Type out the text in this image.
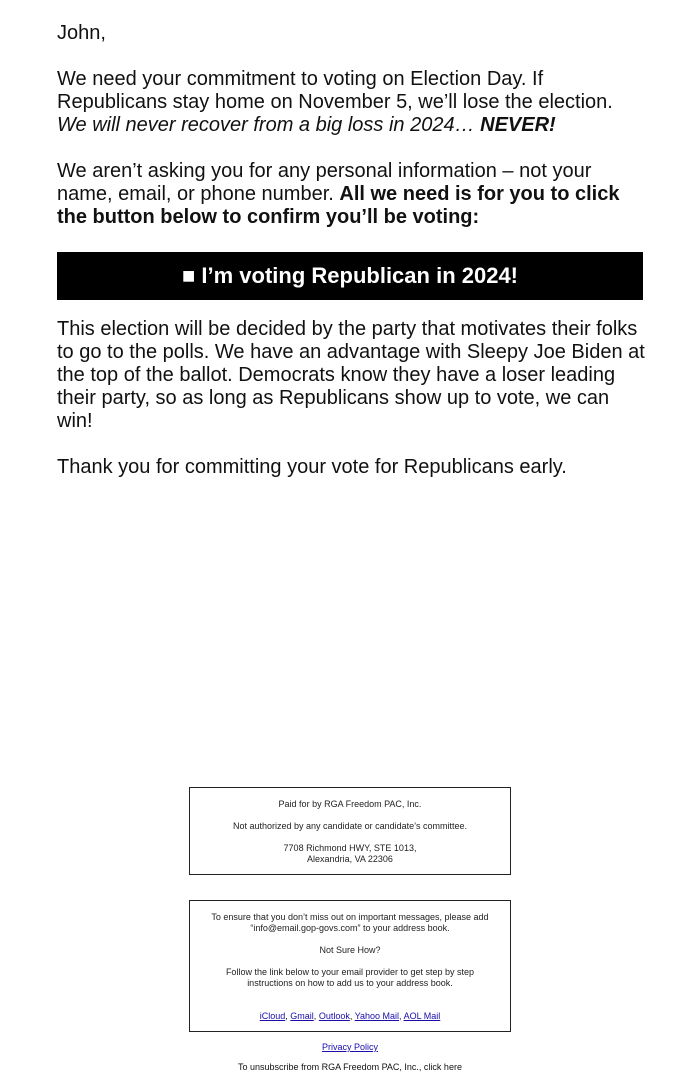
John,

We need your commitment to voting on Election Day. If Republicans stay home on November 5, we’ll lose the election.
We will never recover from a big loss in 2024… NEVER!

We aren’t asking you for any personal information – not your name, email, or phone number. All we need is for you to click the button below to confirm you’ll be voting:

■ I’m voting Republican in 2024!

This election will be decided by the party that motivates their folks to go to the polls. We have an advantage with Sleepy Joe Biden at the top of the ballot. Democrats know they have a loser leading their party, so as long as Republicans show up to vote, we can win!

Thank you for committing your vote for Republicans early.

Paid for by RGA Freedom PAC, Inc.

Not authorized by any candidate or candidate’s committee.

7708 Richmond HWY, STE 1013,
Alexandria, VA 22306

To ensure that you don’t miss out on important messages, please add “info@email.gop-govs.com” to your address book.

Not Sure How?

Follow the link below to your email provider to get step by step instructions on how to add us to your address book.

iCloud, Gmail, Outlook, Yahoo Mail, AOL Mail

Privacy Policy
To unsubscribe from RGA Freedom PAC, Inc., click here
